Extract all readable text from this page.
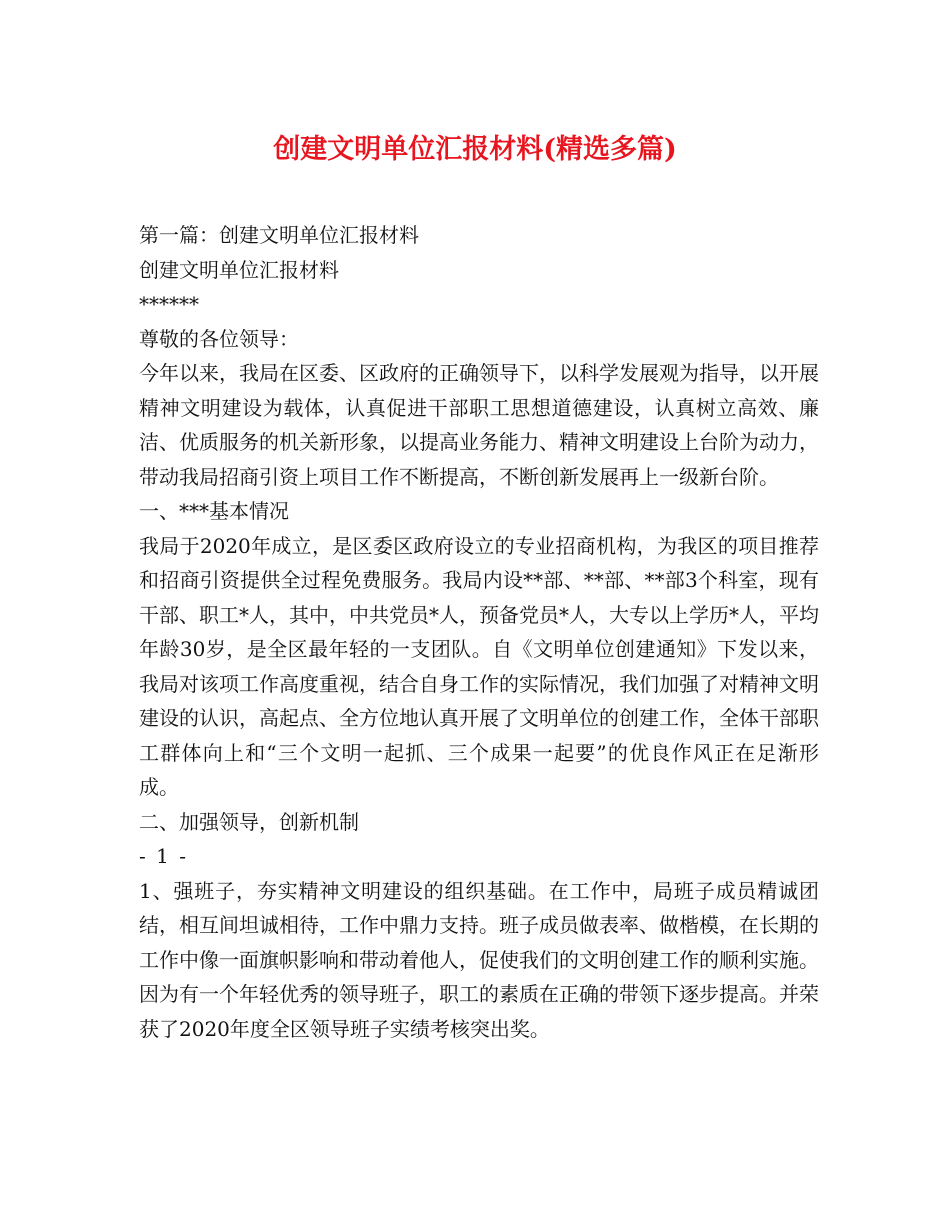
创建文明单位汇报材料(精选多篇)

第一篇：创建文明单位汇报材料

创建文明单位汇报材料

******

尊敬的各位领导：

今年以来，我局在区委、区政府的正确领导下，以科学发展观为指导，以开展精神文明建设为载体，认真促进干部职工思想道德建设，认真树立高效、廉洁、优质服务的机关新形象，以提高业务能力、精神文明建设上台阶为动力，带动我局招商引资上项目工作不断提高，不断创新发展再上一级新台阶。

一、***基本情况

我局于2020年成立，是区委区政府设立的专业招商机构，为我区的项目推荐和招商引资提供全过程免费服务。我局内设**部、**部、**部3个科室，现有干部、职工*人，其中，中共党员*人，预备党员*人，大专以上学历*人，平均年龄30岁，是全区最年轻的一支团队。自《文明单位创建通知》下发以来，我局对该项工作高度重视，结合自身工作的实际情况，我们加强了对精神文明建设的认识，高起点、全方位地认真开展了文明单位的创建工作，全体干部职工群体向上和“三个文明一起抓、三个成果一起要”的优良作风正在足渐形成。

二、加强领导，创新机制

- 1 -

1、强班子，夯实精神文明建设的组织基础。在工作中，局班子成员精诚团结，相互间坦诚相待，工作中鼎力支持。班子成员做表率、做楷模，在长期的工作中像一面旗帜影响和带动着他人，促使我们的文明创建工作的顺利实施。因为有一个年轻优秀的领导班子，职工的素质在正确的带领下逐步提高。并荣获了2020年度全区领导班子实绩考核突出奖。
